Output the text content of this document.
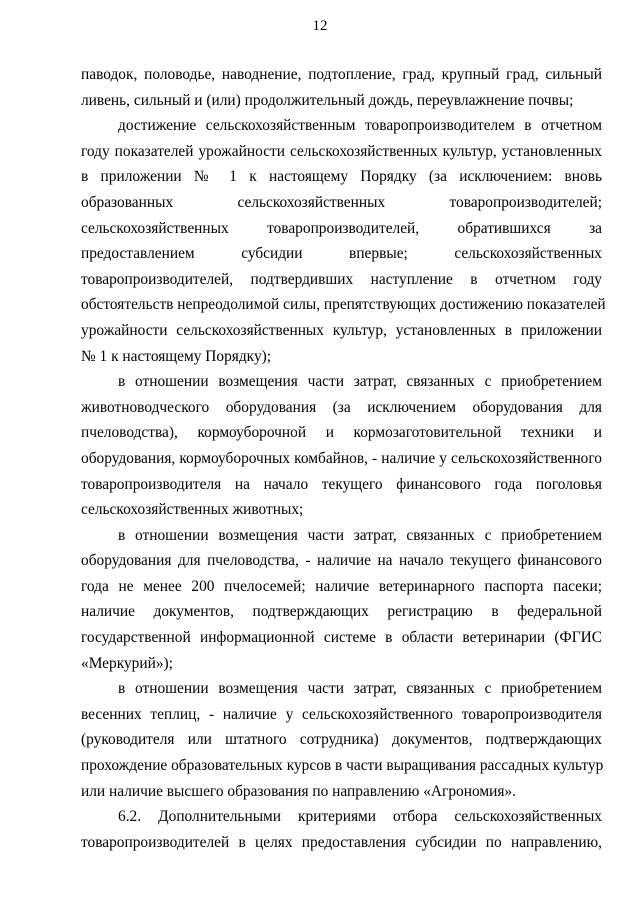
12
паводок, половодье, наводнение, подтопление, град, крупный град, сильный
ливень, сильный и (или) продолжительный дождь, переувлажнение почвы;
достижение сельскохозяйственным товаропроизводителем в отчетном
году показателей урожайности сельскохозяйственных культур, установленных
в приложении № 1 к настоящему Порядку (за исключением: вновь
образованных сельскохозяйственных товаропроизводителей;
сельскохозяйственных товаропроизводителей, обратившихся за
предоставлением субсидии впервые; сельскохозяйственных
товаропроизводителей, подтвердивших наступление в отчетном году
обстоятельств непреодолимой силы, препятствующих достижению показателей
урожайности сельскохозяйственных культур, установленных в приложении
№ 1 к настоящему Порядку);
в отношении возмещения части затрат, связанных с приобретением
животноводческого оборудования (за исключением оборудования для
пчеловодства), кормоуборочной и кормозаготовительной техники и
оборудования, кормоуборочных комбайнов, - наличие у сельскохозяйственного
товаропроизводителя на начало текущего финансового года поголовья
сельскохозяйственных животных;
в отношении возмещения части затрат, связанных с приобретением
оборудования для пчеловодства, - наличие на начало текущего финансового
года не менее 200 пчелосемей; наличие ветеринарного паспорта пасеки;
наличие документов, подтверждающих регистрацию в федеральной
государственной информационной системе в области ветеринарии (ФГИС
«Меркурий»);
в отношении возмещения части затрат, связанных с приобретением
весенних теплиц, - наличие у сельскохозяйственного товаропроизводителя
(руководителя или штатного сотрудника) документов, подтверждающих
прохождение образовательных курсов в части выращивания рассадных культур
или наличие высшего образования по направлению «Агрономия».
6.2. Дополнительными критериями отбора сельскохозяйственных
товаропроизводителей в целях предоставления субсидии по направлению,
